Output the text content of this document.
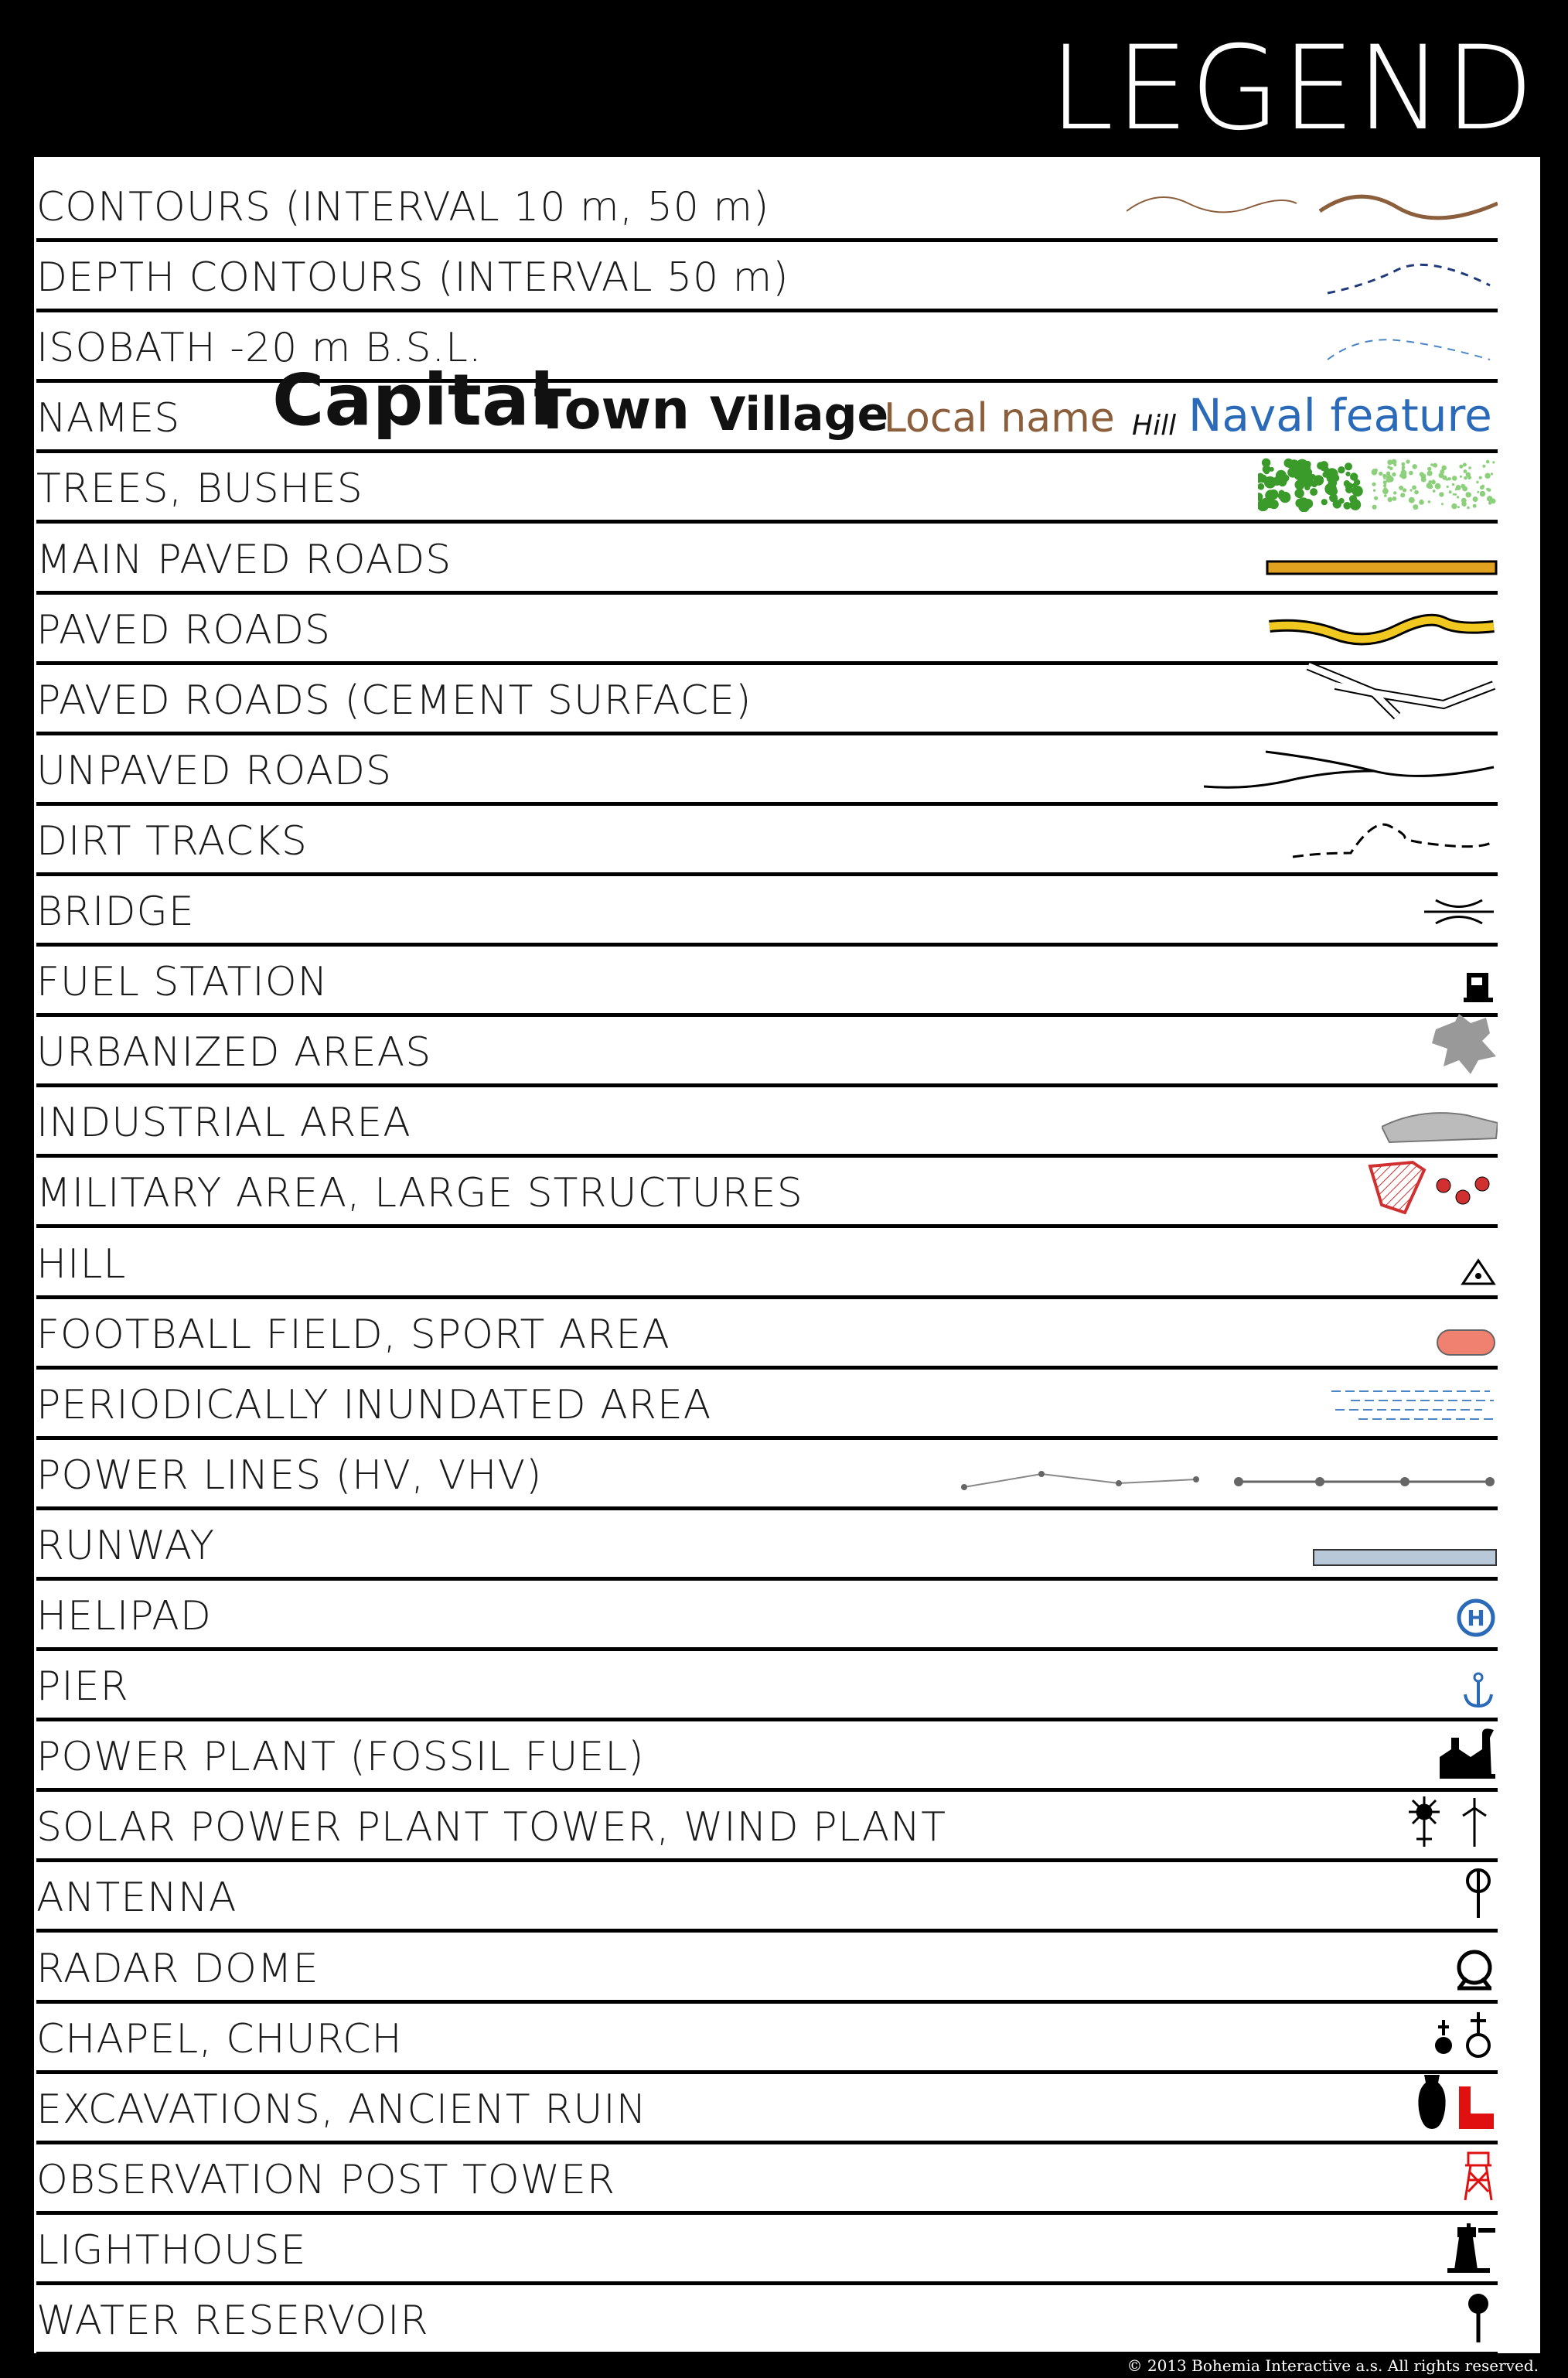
LEGEND
CONTOURS (INTERVAL 10 m, 50 m)
DEPTH CONTOURS (INTERVAL 50 m)
ISOBATH -20 m B.S.L.
NAMES Capital
Town Village
Local name Hill Naval feature
TREES, BUSHES
MAIN PAVED ROADS
PAVED ROADS
PAVED ROADS (CEMENT SURFACE)
UNPAVED ROADS
DIRT TRACKS
BRIDGE
FUEL STATION
URBANIZED AREAS
INDUSTRIAL AREA
MILITARY AREA, LARGE STRUCTURES
HILL
FOOTBALL FIELD, SPORT AREA
PERIODICALLY INUNDATED AREA
POWER LINES (HV, VHV)
RUNWAY
HELIPAD	H
PIER
POWER PLANT (FOSSIL FUEL)
SOLAR POWER PLANT TOWER, WIND PLANT
ANTENNA
RADAR DOME
CHAPEL, CHURCH
EXCAVATIONS, ANCIENT RUIN
OBSERVATION POST TOWER
LIGHTHOUSE
WATER RESERVOIR
© 2013 Bohemia Interactive a.s. All rights reserved.
